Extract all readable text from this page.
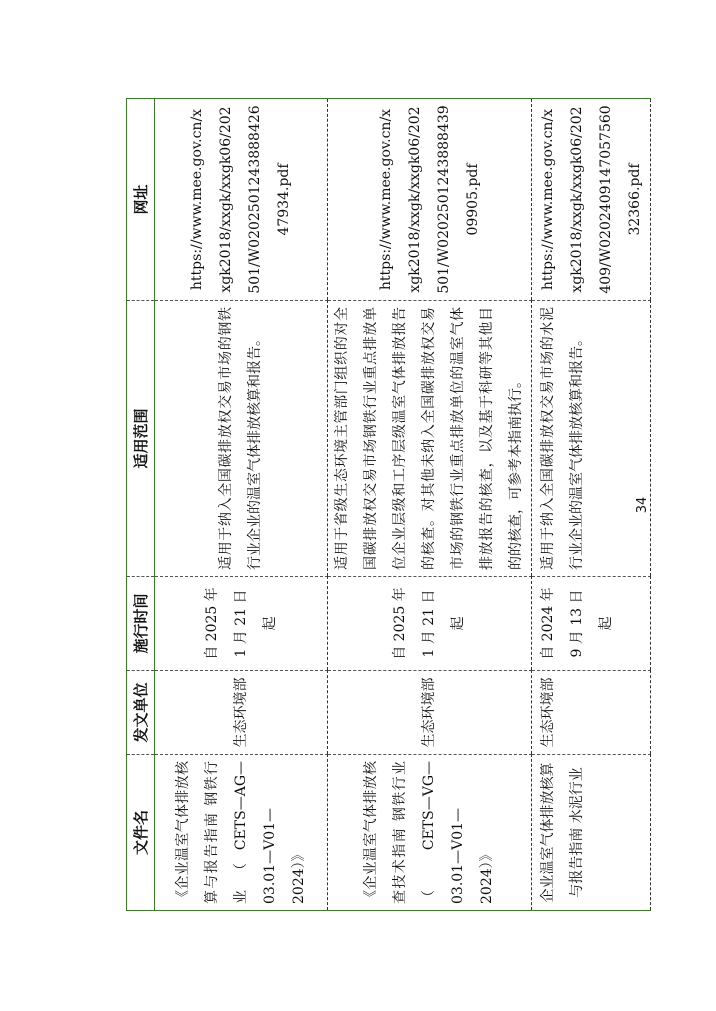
文件名	发文单位	施行时间	适用范围	网址
《企业温室气体排放核算与报告指南 钢铁行业（CETS—AG—03.01—V01—2024）》	生态环境部	自 2025 年 1 月 21 日起	适用于纳入全国碳排放权交易市场的钢铁行业企业的温室气体排放核算和报告。	https://www.mee.gov.cn/xxgk2018/xxgk/xxgk06/202501/W020250124388842647934.pdf
《企业温室气体排放核查技术指南 钢铁行业（CETS—VG—03.01—V01—2024）》	生态环境部	自 2025 年 1 月 21 日起	适用于省级生态环境主管部门组织的对全国碳排放权交易市场钢铁行业重点排放单位企业层级和工序层级温室气体排放报告的核查。对其他未纳入全国碳排放权交易市场的钢铁行业重点排放单位的温室气体排放报告的核查，以及基于科研等其他目的的核查，可参考本指南执行。	https://www.mee.gov.cn/xxgk2018/xxgk/xxgk06/202501/W020250124388843909905.pdf
企业温室气体排放核算与报告指南 水泥行业	生态环境部	自 2024 年 9 月 13 日起	适用于纳入全国碳排放权交易市场的水泥行业企业的温室气体排放核算和报告。	https://www.mee.gov.cn/xxgk2018/xxgk/xxgk06/202409/W020240914705756032366.pdf
34
